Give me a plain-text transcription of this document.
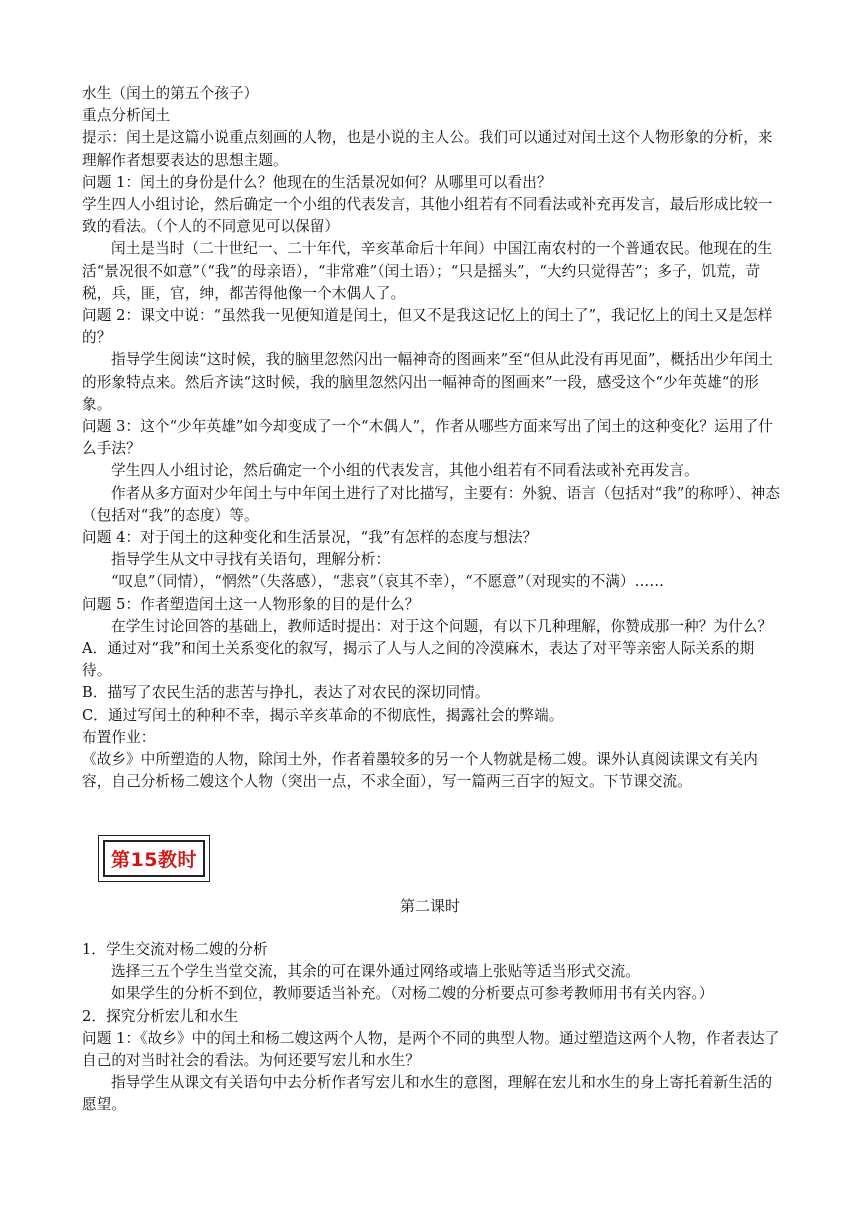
水生（闰土的第五个孩子）

重点分析闰土

提示：闰土是这篇小说重点刻画的人物，也是小说的主人公。我们可以通过对闰土这个人物形象的分析，来理解作者想要表达的思想主题。

问题 1：闰土的身份是什么？他现在的生活景况如何？从哪里可以看出？

学生四人小组讨论，然后确定一个小组的代表发言，其他小组若有不同看法或补充再发言，最后形成比较一致的看法。（个人的不同意见可以保留）

闰土是当时（二十世纪一、二十年代，辛亥革命后十年间）中国江南农村的一个普通农民。他现在的生活“景况很不如意”（“我”的母亲语），“非常难”（闰土语）；“只是摇头”，“大约只觉得苦”；多子，饥荒，苛税，兵，匪，官，绅，都苦得他像一个木偶人了。

问题 2：课文中说：“虽然我一见便知道是闰土，但又不是我这记忆上的闰土了”，我记忆上的闰土又是怎样的？

指导学生阅读“这时候，我的脑里忽然闪出一幅神奇的图画来”至“但从此没有再见面”，概括出少年闰土的形象特点来。然后齐读“这时候，我的脑里忽然闪出一幅神奇的图画来”一段，感受这个“少年英雄“的形象。

问题 3：这个“少年英雄”如今却变成了一个“木偶人”，作者从哪些方面来写出了闰土的这种变化？运用了什么手法？

学生四人小组讨论，然后确定一个小组的代表发言，其他小组若有不同看法或补充再发言。

作者从多方面对少年闰土与中年闰土进行了对比描写，主要有：外貌、语言（包括对“我”的称呼）、神态（包括对“我”的态度）等。

问题 4：对于闰土的这种变化和生活景况，“我”有怎样的态度与想法？

指导学生从文中寻找有关语句，理解分析：

“叹息”（同情），“惘然”（失落感），“悲哀”（哀其不幸），“不愿意”（对现实的不满）……

问题 5：作者塑造闰土这一人物形象的目的是什么？

在学生讨论回答的基础上，教师适时提出：对于这个问题，有以下几种理解，你赞成那一种？为什么？

A．通过对“我”和闰土关系变化的叙写，揭示了人与人之间的冷漠麻木，表达了对平等亲密人际关系的期待。

B．描写了农民生活的悲苦与挣扎，表达了对农民的深切同情。

C．通过写闰土的种种不幸，揭示辛亥革命的不彻底性，揭露社会的弊端。

布置作业：

《故乡》中所塑造的人物，除闰土外，作者着墨较多的另一个人物就是杨二嫂。课外认真阅读课文有关内容，自己分析杨二嫂这个人物（突出一点，不求全面），写一篇两三百字的短文。下节课交流。

第15教时
第二课时

1．学生交流对杨二嫂的分析

选择三五个学生当堂交流，其余的可在课外通过网络或墙上张贴等适当形式交流。

如果学生的分析不到位，教师要适当补充。（对杨二嫂的分析要点可参考教师用书有关内容。）

2．探究分析宏儿和水生

问题 1：《故乡》中的闰土和杨二嫂这两个人物，是两个不同的典型人物。通过塑造这两个人物，作者表达了自己的对当时社会的看法。为何还要写宏儿和水生？

指导学生从课文有关语句中去分析作者写宏儿和水生的意图，理解在宏儿和水生的身上寄托着新生活的愿望。
